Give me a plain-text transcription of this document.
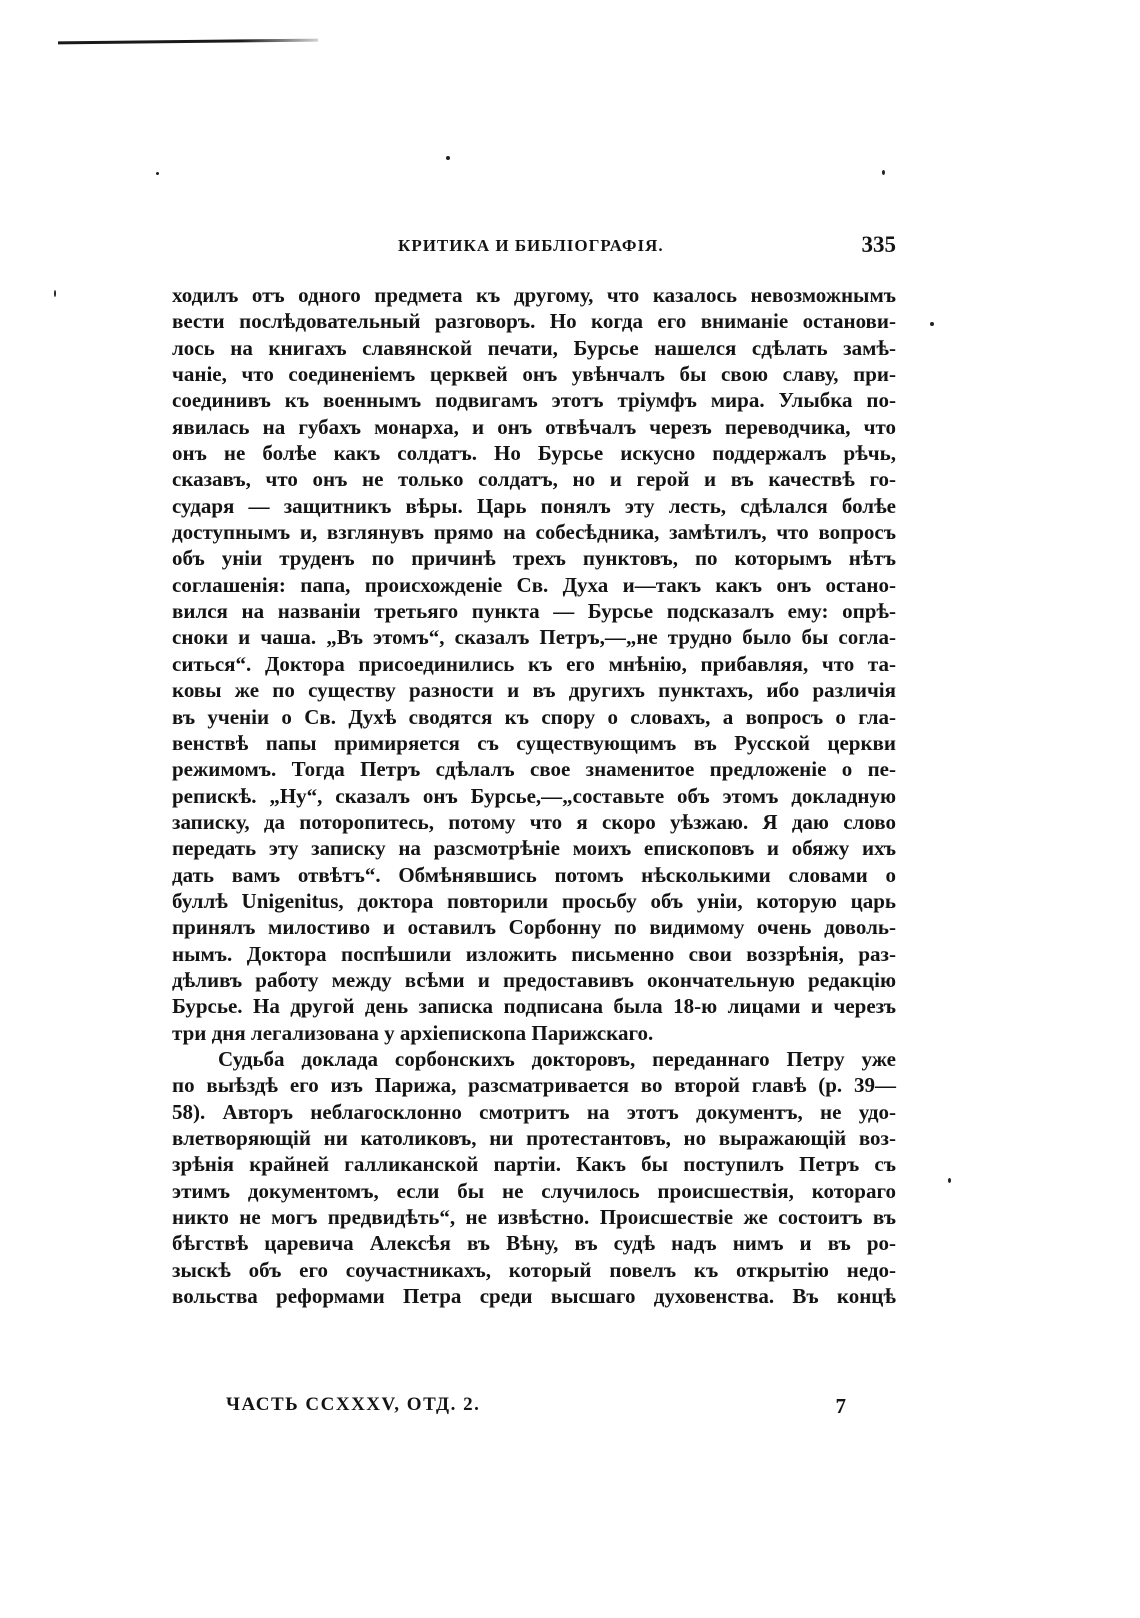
КРИТИКА И БИБЛІОГРАФІЯ.	335
ходилъ отъ одного предмета къ другому, что казалось невозможнымъ
вести послѣдовательный разговоръ. Но когда его вниманіе останови-
лось на книгахъ славянской печати, Бурсье нашелся сдѣлать замѣ-
чаніе, что соединеніемъ церквей онъ увѣнчалъ бы свою славу, при-
соединивъ къ военнымъ подвигамъ этотъ тріумфъ мира. Улыбка по-
явилась на губахъ монарха, и онъ отвѣчалъ черезъ переводчика, что
онъ не болѣе какъ солдатъ. Но Бурсье искусно поддержалъ рѣчь,
сказавъ, что онъ не только солдатъ, но и герой и въ качествѣ го-
сударя — защитникъ вѣры. Царь понялъ эту лесть, сдѣлался болѣе
доступнымъ и, взглянувъ прямо на собесѣдника, замѣтилъ, что вопросъ
объ уніи труденъ по причинѣ трехъ пунктовъ, по которымъ нѣтъ
соглашенія: папа, происхожденіе Св. Духа и—такъ какъ онъ остано-
вился на названіи третьяго пункта — Бурсье подсказалъ ему: опрѣ-
сноки и чаша. „Въ этомъ“, сказалъ Петръ,—„не трудно было бы согла-
ситься“. Доктора присоединились къ его мнѣнію, прибавляя, что та-
ковы же по существу разности и въ другихъ пунктахъ, ибо различія
въ ученіи о Св. Духѣ сводятся къ спору о словахъ, а вопросъ о гла-
венствѣ папы примиряется съ существующимъ въ Русской церкви
режимомъ. Тогда Петръ сдѣлалъ свое знаменитое предложеніе о пе-
репискѣ. „Ну“, сказалъ онъ Бурсье,—„составьте объ этомъ докладную
записку, да поторопитесь, потому что я скоро уѣзжаю. Я даю слово
передать эту записку на разсмотрѣніе моихъ епископовъ и обяжу ихъ
дать вамъ отвѣтъ“. Обмѣнявшись потомъ нѣсколькими словами о
буллѣ Unigenitus, доктора повторили просьбу объ уніи, которую царь
принялъ милостиво и оставилъ Сорбонну по видимому очень доволь-
нымъ. Доктора поспѣшили изложить письменно свои воззрѣнія, раз-
дѣливъ работу между всѣми и предоставивъ окончательную редакцію
Бурсье. На другой день записка подписана была 18-ю лицами и черезъ
три дня легализована у архіепископа Парижскаго.
Судьба доклада сорбонскихъ докторовъ, переданнаго Петру уже
по выѣздѣ его изъ Парижа, разсматривается во второй главѣ (p. 39—
58). Авторъ неблагосклонно смотритъ на этотъ документъ, не удо-
влетворяющій ни католиковъ, ни протестантовъ, но выражающій воз-
зрѣнія крайней галликанской партіи. Какъ бы поступилъ Петръ съ
этимъ документомъ, если бы не случилось происшествія, котораго
никто не могъ предвидѣть“, не извѣстно. Происшествіе же состоитъ въ
бѣгствѣ царевича Алексѣя въ Вѣну, въ судѣ надъ нимъ и въ ро-
зыскѣ объ его соучастникахъ, который повелъ къ открытію недо-
вольства реформами Петра среди высшаго духовенства. Въ концѣ
ЧАСТЬ CCXXXV, ОТД. 2.	7
